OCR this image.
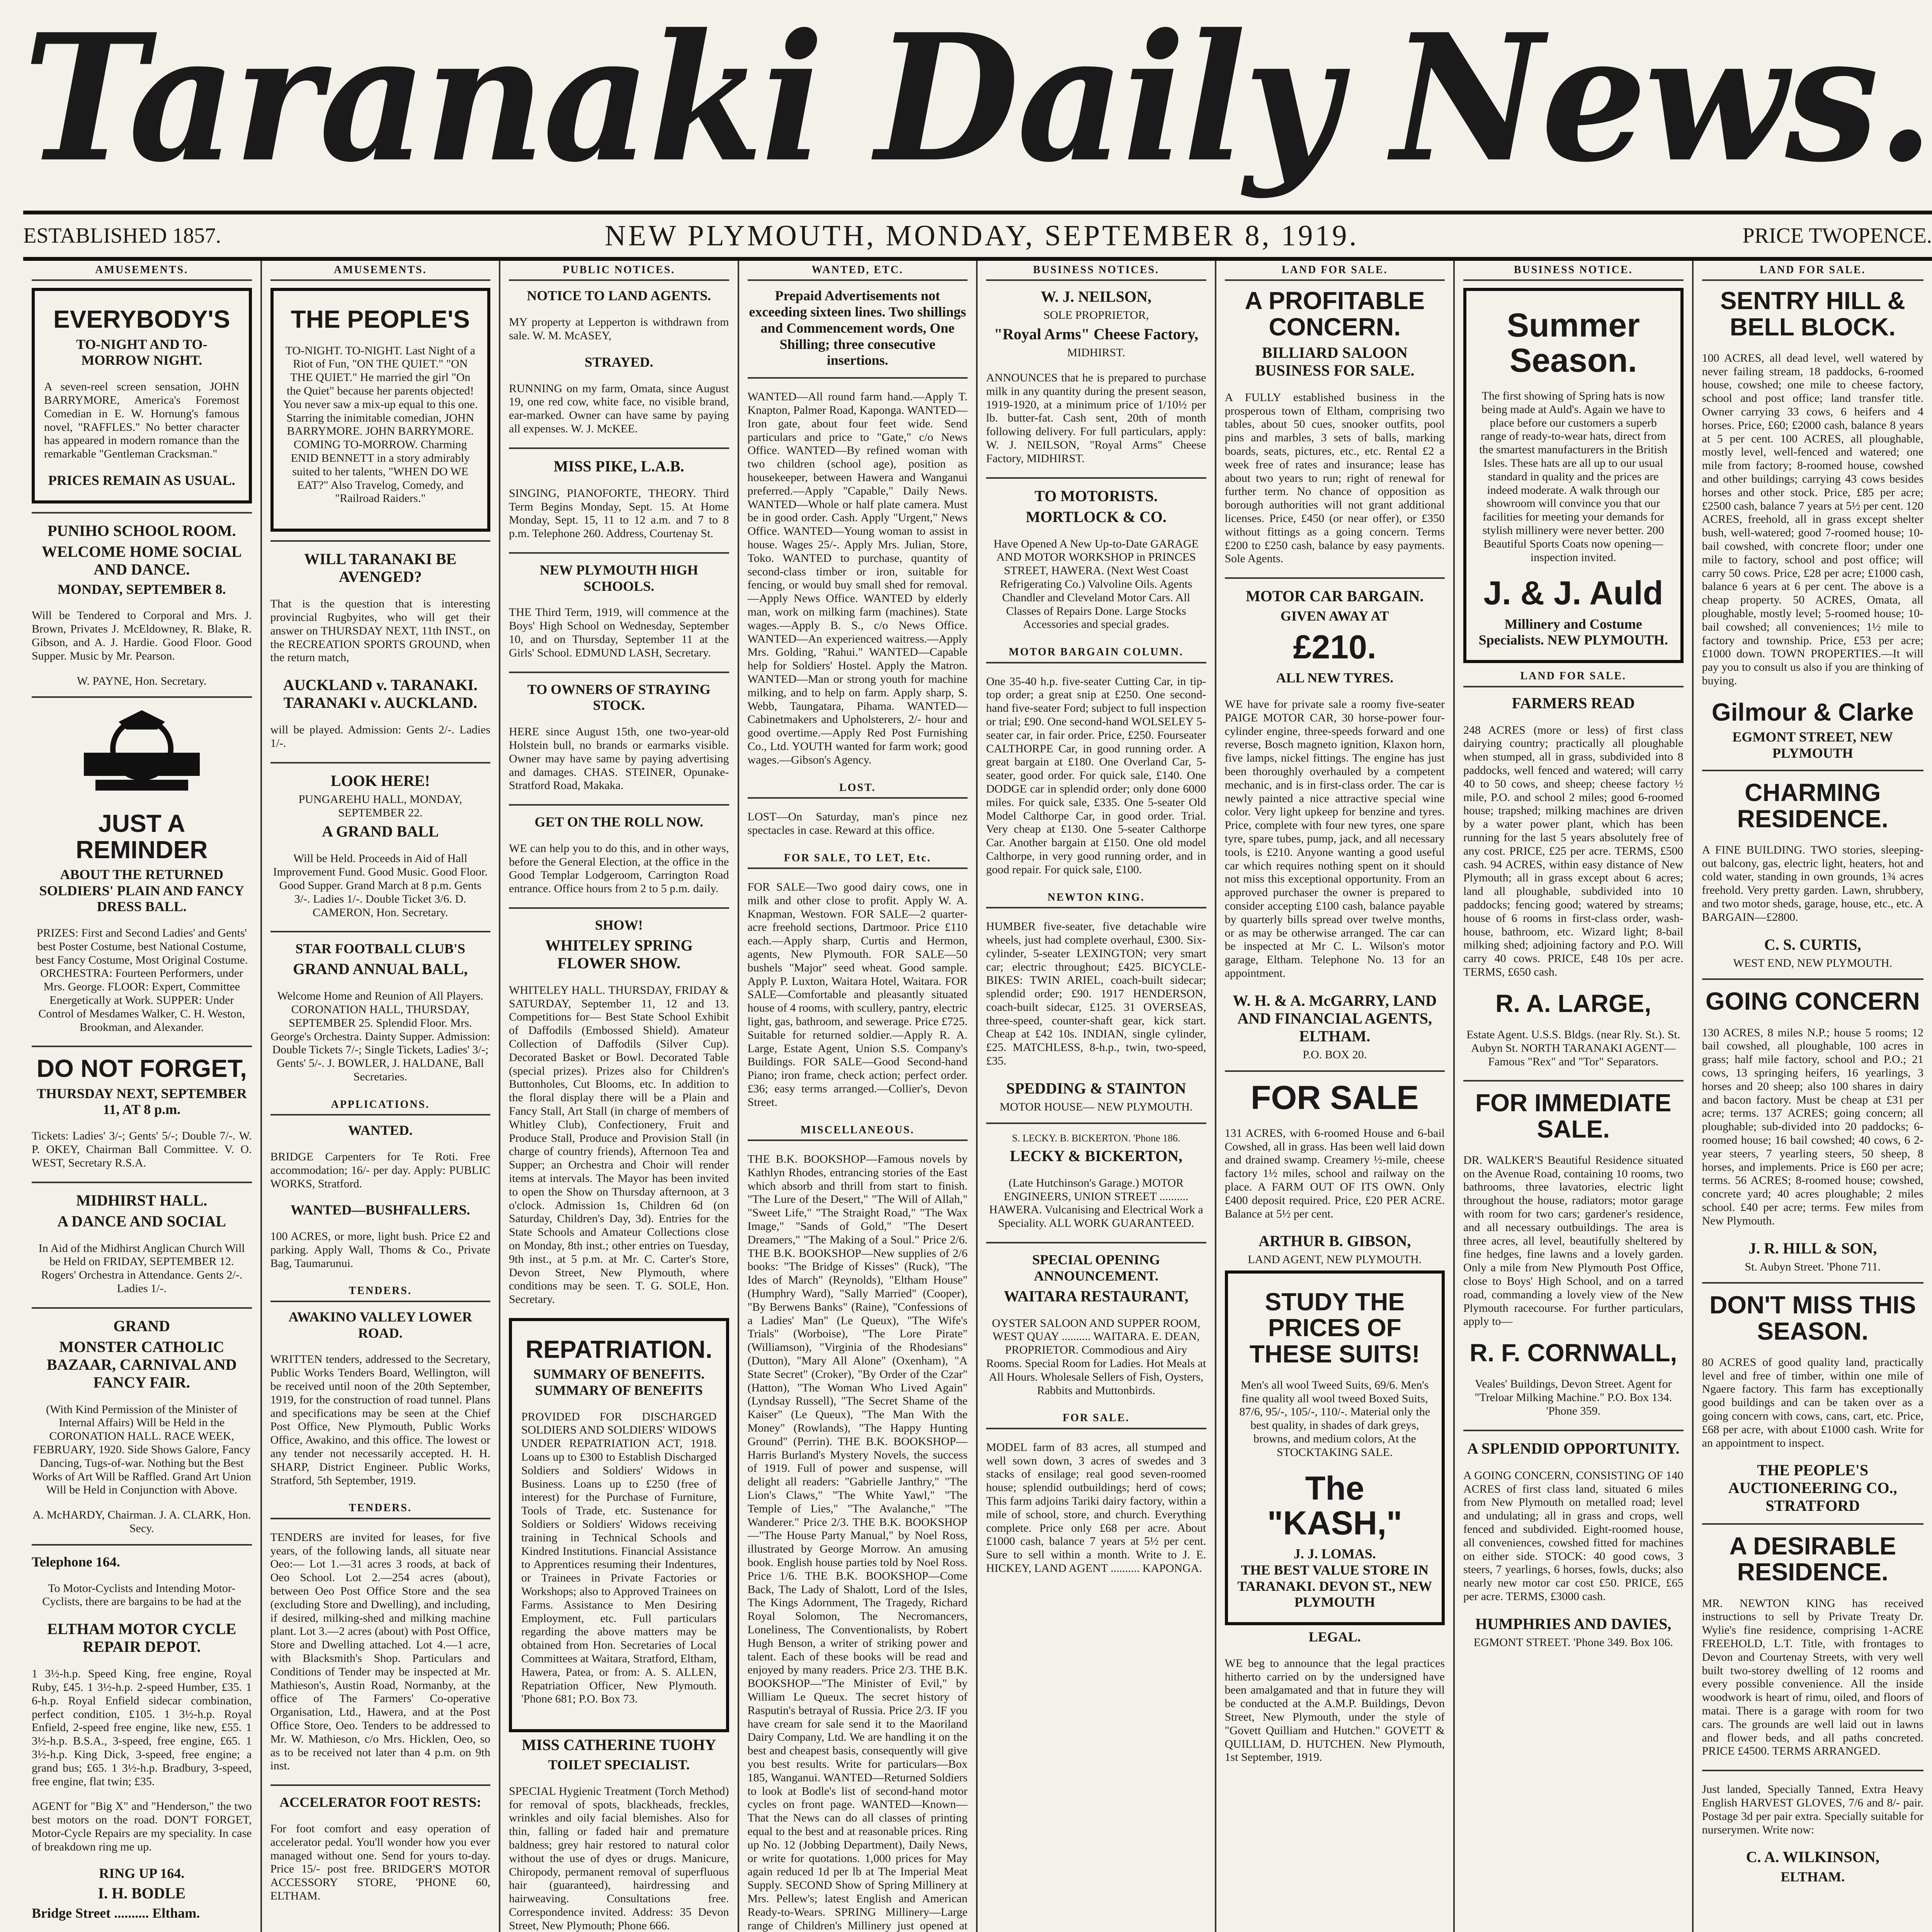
Taranaki Daily News.
ESTABLISHED 1857.	NEW PLYMOUTH, MONDAY, SEPTEMBER 8, 1919.	PRICE TWOPENCE.
AMUSEMENTS.
EVERYBODY'S
TO-NIGHT AND TO-MORROW NIGHT.

A seven-reel screen sensation, JOHN BARRYMORE, America's Foremost Comedian in E. W. Hornung's famous novel, "RAFFLES." No better character has appeared in modern romance than the remarkable "Gentleman Cracksman."

PRICES REMAIN AS USUAL.
PUNIHO SCHOOL ROOM.
WELCOME HOME SOCIAL AND DANCE.
MONDAY, SEPTEMBER 8.

Will be Tendered to Corporal and Mrs. J. Brown, Privates J. McEldowney, R. Blake, R. Gibson, and A. J. Hardie. Good Floor. Good Supper. Music by Mr. Pearson.

W. PAYNE, Hon. Secretary.
JUST A REMINDER
ABOUT THE RETURNED SOLDIERS' PLAIN AND FANCY DRESS BALL.

PRIZES: First and Second Ladies' and Gents' best Poster Costume, best National Costume, best Fancy Costume, Most Original Costume. ORCHESTRA: Fourteen Performers, under Mrs. George. FLOOR: Expert, Committee Energetically at Work. SUPPER: Under Control of Mesdames Walker, C. H. Weston, Brookman, and Alexander.

DO NOT FORGET,
THURSDAY NEXT, SEPTEMBER 11, AT 8 p.m.

Tickets: Ladies' 3/-; Gents' 5/-; Double 7/-. W. P. OKEY, Chairman Ball Committee. V. O. WEST, Secretary R.S.A.

MIDHIRST HALL.
A DANCE AND SOCIAL

In Aid of the Midhirst Anglican Church Will be Held on FRIDAY, SEPTEMBER 12. Rogers' Orchestra in Attendance. Gents 2/-. Ladies 1/-.

GRAND
MONSTER CATHOLIC BAZAAR, CARNIVAL AND FANCY FAIR.

(With Kind Permission of the Minister of Internal Affairs) Will be Held in the CORONATION HALL. RACE WEEK, FEBRUARY, 1920. Side Shows Galore, Fancy Dancing, Tugs-of-war. Nothing but the Best Works of Art Will be Raffled. Grand Art Union Will be Held in Conjunction with Above.

A. McHARDY, Chairman. J. A. CLARK, Hon. Secy.
Telephone 164.

To Motor-Cyclists and Intending Motor-Cyclists, there are bargains to be had at the

ELTHAM MOTOR CYCLE REPAIR DEPOT.

1 3½-h.p. Speed King, free engine, Royal Ruby, £45. 1 3½-h.p. 2-speed Humber, £35. 1 6-h.p. Royal Enfield sidecar combination, perfect condition, £105. 1 3½-h.p. Royal Enfield, 2-speed free engine, like new, £55. 1 3½-h.p. B.S.A., 3-speed, free engine, £65. 1 3½-h.p. King Dick, 3-speed, free engine; a grand bus; £65. 1 3½-h.p. Bradbury, 3-speed, free engine, flat twin; £35.

AGENT for "Big X" and "Henderson," the two best motors on the road. DON'T FORGET, Motor-Cycle Repairs are my speciality. In case of breakdown ring me up.

RING UP 164.
I. H. BODLE
Bridge Street .......... Eltham.
AMUSEMENTS.
THE PEOPLE'S

TO-NIGHT. TO-NIGHT. Last Night of a Riot of Fun, "ON THE QUIET." "ON THE QUIET." He married the girl "On the Quiet" because her parents objected! You never saw a mix-up equal to this one. Starring the inimitable comedian, JOHN BARRYMORE. JOHN BARRYMORE. COMING TO-MORROW. Charming ENID BENNETT in a story admirably suited to her talents, "WHEN DO WE EAT?" Also Travelog, Comedy, and "Railroad Raiders."

WILL TARANAKI BE AVENGED?

That is the question that is interesting provincial Rugbyites, who will get their answer on THURSDAY NEXT, 11th INST., on the RECREATION SPORTS GROUND, when the return match,

AUCKLAND v. TARANAKI. TARANAKI v. AUCKLAND.

will be played. Admission: Gents 2/-. Ladies 1/-.

LOOK HERE!
PUNGAREHU HALL, MONDAY, SEPTEMBER 22.
A GRAND BALL

Will be Held. Proceeds in Aid of Hall Improvement Fund. Good Music. Good Floor. Good Supper. Grand March at 8 p.m. Gents 3/-. Ladies 1/-. Double Ticket 3/6. D. CAMERON, Hon. Secretary.

STAR FOOTBALL CLUB'S
GRAND ANNUAL BALL,

Welcome Home and Reunion of All Players. CORONATION HALL, THURSDAY, SEPTEMBER 25. Splendid Floor. Mrs. George's Orchestra. Dainty Supper. Admission: Double Tickets 7/-; Single Tickets, Ladies' 3/-; Gents' 5/-. J. BOWLER, J. HALDANE, Ball Secretaries.

APPLICATIONS.
WANTED.

BRIDGE Carpenters for Te Roti. Free accommodation; 16/- per day. Apply: PUBLIC WORKS, Stratford.

WANTED—BUSHFALLERS.

100 ACRES, or more, light bush. Price £2 and parking. Apply Wall, Thoms & Co., Private Bag, Taumarunui.

TENDERS.
AWAKINO VALLEY LOWER ROAD.

WRITTEN tenders, addressed to the Secretary, Public Works Tenders Board, Wellington, will be received until noon of the 20th September, 1919, for the construction of road tunnel. Plans and specifications may be seen at the Chief Post Office, New Plymouth, Public Works Office, Awakino, and this office. The lowest or any tender not necessarily accepted. H. H. SHARP, District Engineer. Public Works, Stratford, 5th September, 1919.

TENDERS.

TENDERS are invited for leases, for five years, of the following lands, all situate near Oeo:— Lot 1.—31 acres 3 roods, at back of Oeo School. Lot 2.—254 acres (about), between Oeo Post Office Store and the sea (excluding Store and Dwelling), and including, if desired, milking-shed and milking machine plant. Lot 3.—2 acres (about) with Post Office, Store and Dwelling attached. Lot 4.—1 acre, with Blacksmith's Shop. Particulars and Conditions of Tender may be inspected at Mr. Mathieson's, Austin Road, Normanby, at the office of The Farmers' Co-operative Organisation, Ltd., Hawera, and at the Post Office Store, Oeo. Tenders to be addressed to Mr. W. Mathieson, c/o Mrs. Hicklen, Oeo, so as to be received not later than 4 p.m. on 9th inst.

ACCELERATOR FOOT RESTS:

For foot comfort and easy operation of accelerator pedal. You'll wonder how you ever managed without one. Send for yours to-day. Price 15/- post free. BRIDGER'S MOTOR ACCESSORY STORE, 'PHONE 60, ELTHAM.

PUBLIC NOTICES.
NOTICE TO LAND AGENTS.

MY property at Lepperton is withdrawn from sale. W. M. McASEY,

STRAYED.

RUNNING on my farm, Omata, since August 19, one red cow, white face, no visible brand, ear-marked. Owner can have same by paying all expenses. W. J. McKEE.

MISS PIKE, L.A.B.

SINGING, PIANOFORTE, THEORY. Third Term Begins Monday, Sept. 15. At Home Monday, Sept. 15, 11 to 12 a.m. and 7 to 8 p.m. Telephone 260. Address, Courtenay St.

NEW PLYMOUTH HIGH SCHOOLS.

THE Third Term, 1919, will commence at the Boys' High School on Wednesday, September 10, and on Thursday, September 11 at the Girls' School. EDMUND LASH, Secretary.

TO OWNERS OF STRAYING STOCK.

HERE since August 15th, one two-year-old Holstein bull, no brands or earmarks visible. Owner may have same by paying advertising and damages. CHAS. STEINER, Opunake-Stratford Road, Makaka.

GET ON THE ROLL NOW.

WE can help you to do this, and in other ways, before the General Election, at the office in the Good Templar Lodgeroom, Carrington Road entrance. Office hours from 2 to 5 p.m. daily.

SHOW!
WHITELEY SPRING FLOWER SHOW.

WHITELEY HALL. THURSDAY, FRIDAY & SATURDAY, September 11, 12 and 13. Competitions for— Best State School Exhibit of Daffodils (Embossed Shield). Amateur Collection of Daffodils (Silver Cup). Decorated Basket or Bowl. Decorated Table (special prizes). Prizes also for Children's Buttonholes, Cut Blooms, etc. In addition to the floral display there will be a Plain and Fancy Stall, Art Stall (in charge of members of Whitley Club), Confectionery, Fruit and Produce Stall, Produce and Provision Stall (in charge of country friends), Afternoon Tea and Supper; an Orchestra and Choir will render items at intervals. The Mayor has been invited to open the Show on Thursday afternoon, at 3 o'clock. Admission 1s, Children 6d (on Saturday, Children's Day, 3d). Entries for the State Schools and Amateur Collections close on Monday, 8th inst.; other entries on Tuesday, 9th inst., at 5 p.m. at Mr. C. Carter's Store, Devon Street, New Plymouth, where conditions may be seen. T. G. SOLE, Hon. Secretary.

REPATRIATION.
SUMMARY OF BENEFITS. SUMMARY OF BENEFITS

PROVIDED FOR DISCHARGED SOLDIERS AND SOLDIERS' WIDOWS UNDER REPATRIATION ACT, 1918. Loans up to £300 to Establish Discharged Soldiers and Soldiers' Widows in Business. Loans up to £250 (free of interest) for the Purchase of Furniture, Tools of Trade, etc. Sustenance for Soldiers or Soldiers' Widows receiving training in Technical Schools and Kindred Institutions. Financial Assistance to Apprentices resuming their Indentures, or Trainees in Private Factories or Workshops; also to Approved Trainees on Farms. Assistance to Men Desiring Employment, etc. Full particulars regarding the above matters may be obtained from Hon. Secretaries of Local Committees at Waitara, Stratford, Eltham, Hawera, Patea, or from: A. S. ALLEN, Repatriation Officer, New Plymouth. 'Phone 681; P.O. Box 73.

MISS CATHERINE TUOHY
TOILET SPECIALIST.

SPECIAL Hygienic Treatment (Torch Method) for removal of spots, blackheads, freckles, wrinkles and oily facial blemishes. Also for thin, falling or faded hair and premature baldness; grey hair restored to natural color without the use of dyes or drugs. Manicure, Chiropody, permanent removal of superfluous hair (guaranteed), hairdressing and hairweaving. Consultations free. Correspondence invited. Address: 35 Devon Street, New Plymouth; Phone 666.

WANTED, ETC.
Prepaid Advertisements not exceeding sixteen lines. Two shillings and Commencement words, One Shilling; three consecutive insertions.

WANTED—All round farm hand.—Apply T. Knapton, Palmer Road, Kaponga. WANTED—Iron gate, about four feet wide. Send particulars and price to "Gate," c/o News Office. WANTED—By refined woman with two children (school age), position as housekeeper, between Hawera and Wanganui preferred.—Apply "Capable," Daily News. WANTED—Whole or half plate camera. Must be in good order. Cash. Apply "Urgent," News Office. WANTED—Young woman to assist in house. Wages 25/-. Apply Mrs. Julian, Store, Toko. WANTED to purchase, quantity of second-class timber or iron, suitable for fencing, or would buy small shed for removal.—Apply News Office. WANTED by elderly man, work on milking farm (machines). State wages.—Apply B. S., c/o News Office. WANTED—An experienced waitress.—Apply Mrs. Golding, "Rahui." WANTED—Capable help for Soldiers' Hostel. Apply the Matron. WANTED—Man or strong youth for machine milking, and to help on farm. Apply sharp, S. Webb, Taungatara, Pihama. WANTED—Cabinetmakers and Upholsterers, 2/- hour and good overtime.—Apply Red Post Furnishing Co., Ltd. YOUTH wanted for farm work; good wages.—Gibson's Agency.

LOST.

LOST—On Saturday, man's pince nez spectacles in case. Reward at this office.

FOR SALE, TO LET, Etc.

FOR SALE—Two good dairy cows, one in milk and other close to profit. Apply W. A. Knapman, Westown. FOR SALE—2 quarter-acre freehold sections, Dartmoor. Price £110 each.—Apply sharp, Curtis and Hermon, agents, New Plymouth. FOR SALE—50 bushels "Major" seed wheat. Good sample. Apply P. Luxton, Waitara Hotel, Waitara. FOR SALE—Comfortable and pleasantly situated house of 4 rooms, with scullery, pantry, electric light, gas, bathroom, and sewerage. Price £725. Suitable for returned soldier.—Apply R. A. Large, Estate Agent, Union S.S. Company's Buildings. FOR SALE—Good Second-hand Piano; iron frame, check action; perfect order. £36; easy terms arranged.—Collier's, Devon Street.

MISCELLANEOUS.

THE B.K. BOOKSHOP—Famous novels by Kathlyn Rhodes, entrancing stories of the East which absorb and thrill from start to finish. "The Lure of the Desert," "The Will of Allah," "Sweet Life," "The Straight Road," "The Wax Image," "Sands of Gold," "The Desert Dreamers," "The Making of a Soul." Price 2/6. THE B.K. BOOKSHOP—New supplies of 2/6 books: "The Bridge of Kisses" (Ruck), "The Ides of March" (Reynolds), "Eltham House" (Humphry Ward), "Sally Married" (Cooper), "By Berwens Banks" (Raine), "Confessions of a Ladies' Man" (Le Queux), "The Wife's Trials" (Worboise), "The Lore Pirate" (Williamson), "Virginia of the Rhodesians" (Dutton), "Mary All Alone" (Oxenham), "A State Secret" (Croker), "By Order of the Czar" (Hatton), "The Woman Who Lived Again" (Lyndsay Russell), "The Secret Shame of the Kaiser" (Le Queux), "The Man With the Money" (Rowlands), "The Happy Hunting Ground" (Perrin). THE B.K. BOOKSHOP—Harris Burland's Mystery Novels, the success of 1919. Full of power and suspense, will delight all readers: "Gabrielle Janthry," "The Lion's Claws," "The White Yawl," "The Temple of Lies," "The Avalanche," "The Wanderer." Price 2/3. THE B.K. BOOKSHOP—"The House Party Manual," by Noel Ross, illustrated by George Morrow. An amusing book. English house parties told by Noel Ross. Price 1/6. THE B.K. BOOKSHOP—Come Back, The Lady of Shalott, Lord of the Isles, The Kings Adornment, The Tragedy, Richard Royal Solomon, The Necromancers, Loneliness, The Conventionalists, by Robert Hugh Benson, a writer of striking power and talent. Each of these books will be read and enjoyed by many readers. Price 2/3. THE B.K. BOOKSHOP—"The Minister of Evil," by William Le Queux. The secret history of Rasputin's betrayal of Russia. Price 2/3. IF you have cream for sale send it to the Maoriland Dairy Company, Ltd. We are handling it on the best and cheapest basis, consequently will give you best results. Write for particulars—Box 185, Wanganui. WANTED—Returned Soldiers to look at Bodle's list of second-hand motor cycles on front page. WANTED—Known—That the News can do all classes of printing equal to the best and at reasonable prices. Ring up No. 12 (Jobbing Department), Daily News, or write for quotations. 1,000 prices for May again reduced 1d per lb at The Imperial Meat Supply. SECOND Show of Spring Millinery at Mrs. Pellew's; latest English and American Ready-to-Wears. SPRING Millinery—Large range of Children's Millinery just opened at

BUSINESS NOTICES.
W. J. NEILSON,
SOLE PROPRIETOR,
"Royal Arms" Cheese Factory,
MIDHIRST.

ANNOUNCES that he is prepared to purchase milk in any quantity during the present season, 1919-1920, at a minimum price of 1/10½ per lb. butter-fat. Cash sent, 20th of month following delivery. For full particulars, apply: W. J. NEILSON, "Royal Arms" Cheese Factory, MIDHIRST.

TO MOTORISTS.
MORTLOCK & CO.

Have Opened A New Up-to-Date GARAGE AND MOTOR WORKSHOP in PRINCES STREET, HAWERA. (Next West Coast Refrigerating Co.) Valvoline Oils. Agents Chandler and Cleveland Motor Cars. All Classes of Repairs Done. Large Stocks Accessories and special grades.

MOTOR BARGAIN COLUMN.

One 35-40 h.p. five-seater Cutting Car, in tip-top order; a great snip at £250. One second-hand five-seater Ford; subject to full inspection or trial; £90. One second-hand WOLSELEY 5-seater car, in fair order. Price, £250. Fourseater CALTHORPE Car, in good running order. A great bargain at £180. One Overland Car, 5-seater, good order. For quick sale, £140. One DODGE car in splendid order; only done 6000 miles. For quick sale, £335. One 5-seater Old Model Calthorpe Car, in good order. Trial. Very cheap at £130. One 5-seater Calthorpe Car. Another bargain at £150. One old model Calthorpe, in very good running order, and in good repair. For quick sale, £100.

NEWTON KING.

HUMBER five-seater, five detachable wire wheels, just had complete overhaul, £300. Six-cylinder, 5-seater LEXINGTON; very smart car; electric throughout; £425. BICYCLE-BIKES: TWIN ARIEL, coach-built sidecar; splendid order; £90. 1917 HENDERSON, coach-built sidecar, £125. 31 OVERSEAS, three-speed, counter-shaft gear, kick start. Cheap at £42 10s. INDIAN, single cylinder, £25. MATCHLESS, 8-h.p., twin, two-speed, £35.

SPEDDING & STAINTON
MOTOR HOUSE— NEW PLYMOUTH.
S. LECKY. B. BICKERTON. 'Phone 186.
LECKY & BICKERTON,

(Late Hutchinson's Garage.) MOTOR ENGINEERS, UNION STREET .......... HAWERA. Vulcanising and Electrical Work a Speciality. ALL WORK GUARANTEED.

SPECIAL OPENING ANNOUNCEMENT.
WAITARA RESTAURANT,

OYSTER SALOON AND SUPPER ROOM, WEST QUAY .......... WAITARA. E. DEAN, PROPRIETOR. Commodious and Airy Rooms. Special Room for Ladies. Hot Meals at All Hours. Wholesale Sellers of Fish, Oysters, Rabbits and Muttonbirds.

FOR SALE.

MODEL farm of 83 acres, all stumped and well sown down, 3 acres of swedes and 3 stacks of ensilage; real good seven-roomed house; splendid outbuildings; herd of cows; This farm adjoins Tariki dairy factory, within a mile of school, store, and church. Everything complete. Price only £68 per acre. About £1000 cash, balance 7 years at 5½ per cent. Sure to sell within a month. Write to J. E. HICKEY, LAND AGENT .......... KAPONGA.

LAND FOR SALE.
A PROFITABLE CONCERN.
BILLIARD SALOON BUSINESS FOR SALE.

A FULLY established business in the prosperous town of Eltham, comprising two tables, about 50 cues, snooker outfits, pool pins and marbles, 3 sets of balls, marking boards, seats, pictures, etc., etc. Rental £2 a week free of rates and insurance; lease has about two years to run; right of renewal for further term. No chance of opposition as borough authorities will not grant additional licenses. Price, £450 (or near offer), or £350 without fittings as a going concern. Terms £200 to £250 cash, balance by easy payments. Sole Agents.

MOTOR CAR BARGAIN.
GIVEN AWAY AT
£210.
ALL NEW TYRES.

WE have for private sale a roomy five-seater PAIGE MOTOR CAR, 30 horse-power four-cylinder engine, three-speeds forward and one reverse, Bosch magneto ignition, Klaxon horn, five lamps, nickel fittings. The engine has just been thoroughly overhauled by a competent mechanic, and is in first-class order. The car is newly painted a nice attractive special wine color. Very light upkeep for benzine and tyres. Price, complete with four new tyres, one spare tyre, spare tubes, pump, jack, and all necessary tools, is £210. Anyone wanting a good useful car which requires nothing spent on it should not miss this exceptional opportunity. From an approved purchaser the owner is prepared to consider accepting £100 cash, balance payable by quarterly bills spread over twelve months, or as may be otherwise arranged. The car can be inspected at Mr C. L. Wilson's motor garage, Eltham. Telephone No. 13 for an appointment.

W. H. & A. McGARRY, LAND AND FINANCIAL AGENTS, ELTHAM.
P.O. BOX 20.
FOR SALE

131 ACRES, with 6-roomed House and 6-bail Cowshed, all in grass. Has been well laid down and drained swamp. Creamery ½-mile, cheese factory 1½ miles, school and railway on the place. A FARM OUT OF ITS OWN. Only £400 deposit required. Price, £20 PER ACRE. Balance at 5½ per cent.

ARTHUR B. GIBSON,
LAND AGENT, NEW PLYMOUTH.
STUDY THE PRICES OF THESE SUITS!

Men's all wool Tweed Suits, 69/6. Men's fine quality all wool tweed Boxed Suits, 87/6, 95/-, 105/-, 110/-. Material only the best quality, in shades of dark greys, browns, and medium colors, At the STOCKTAKING SALE.

The "KASH,"
J. J. LOMAS.
THE BEST VALUE STORE IN TARANAKI. DEVON ST., NEW PLYMOUTH
LEGAL.

WE beg to announce that the legal practices hitherto carried on by the undersigned have been amalgamated and that in future they will be conducted at the A.M.P. Buildings, Devon Street, New Plymouth, under the style of "Govett Quilliam and Hutchen." GOVETT & QUILLIAM, D. HUTCHEN. New Plymouth, 1st September, 1919.

BUSINESS NOTICE.
Summer Season.

The first showing of Spring hats is now being made at Auld's. Again we have to place before our customers a superb range of ready-to-wear hats, direct from the smartest manufacturers in the British Isles. These hats are all up to our usual standard in quality and the prices are indeed moderate. A walk through our showroom will convince you that our facilities for meeting your demands for stylish millinery were never better. 200 Beautiful Sports Coats now opening—inspection invited.

J. & J. Auld
Millinery and Costume Specialists. NEW PLYMOUTH.
LAND FOR SALE.
FARMERS READ

248 ACRES (more or less) of first class dairying country; practically all ploughable when stumped, all in grass, subdivided into 8 paddocks, well fenced and watered; will carry 40 to 50 cows, and sheep; cheese factory ½ mile, P.O. and school 2 miles; good 6-roomed house; trapshed; milking machines are driven by a water power plant, which has been running for the last 5 years absolutely free of any cost. PRICE, £25 per acre. TERMS, £500 cash. 94 ACRES, within easy distance of New Plymouth; all in grass except about 6 acres; land all ploughable, subdivided into 10 paddocks; fencing good; watered by streams; house of 6 rooms in first-class order, wash-house, bathroom, etc. Wizard light; 8-bail milking shed; adjoining factory and P.O. Will carry 40 cows. PRICE, £48 10s per acre. TERMS, £650 cash.

R. A. LARGE,

Estate Agent. U.S.S. Bldgs. (near Rly. St.). St. Aubyn St. NORTH TARANAKI AGENT— Famous "Rex" and "Tor" Separators.

FOR IMMEDIATE SALE.

DR. WALKER'S Beautiful Residence situated on the Avenue Road, containing 10 rooms, two bathrooms, three lavatories, electric light throughout the house, radiators; motor garage with room for two cars; gardener's residence, and all necessary outbuildings. The area is three acres, all level, beautifully sheltered by fine hedges, fine lawns and a lovely garden. Only a mile from New Plymouth Post Office, close to Boys' High School, and on a tarred road, commanding a lovely view of the New Plymouth racecourse. For further particulars, apply to—

R. F. CORNWALL,

Veales' Buildings, Devon Street. Agent for "Treloar Milking Machine." P.O. Box 134. 'Phone 359.

A SPLENDID OPPORTUNITY.

A GOING CONCERN, CONSISTING OF 140 ACRES of first class land, situated 6 miles from New Plymouth on metalled road; level and undulating; all in grass and crops, well fenced and subdivided. Eight-roomed house, all conveniences, cowshed fitted for machines on either side. STOCK: 40 good cows, 3 steers, 7 yearlings, 6 horses, fowls, ducks; also nearly new motor car cost £50. PRICE, £65 per acre. TERMS, £3000 cash.

HUMPHRIES AND DAVIES,
EGMONT STREET. 'Phone 349. Box 106.
LAND FOR SALE.
SENTRY HILL & BELL BLOCK.

100 ACRES, all dead level, well watered by never failing stream, 18 paddocks, 6-roomed house, cowshed; one mile to cheese factory, school and post office; land transfer title. Owner carrying 33 cows, 6 heifers and 4 horses. Price, £60; £2000 cash, balance 8 years at 5 per cent. 100 ACRES, all ploughable, mostly level, well-fenced and watered; one mile from factory; 8-roomed house, cowshed and other buildings; carrying 43 cows besides horses and other stock. Price, £85 per acre; £2500 cash, balance 7 years at 5½ per cent. 120 ACRES, freehold, all in grass except shelter bush, well-watered; good 7-roomed house; 10-bail cowshed, with concrete floor; under one mile to factory, school and post office; will carry 50 cows. Price, £28 per acre; £1000 cash, balance 6 years at 6 per cent. The above is a cheap property. 50 ACRES, Omata, all ploughable, mostly level; 5-roomed house; 10-bail cowshed; all conveniences; 1½ mile to factory and township. Price, £53 per acre; £1000 down. TOWN PROPERTIES.—It will pay you to consult us also if you are thinking of buying.

Gilmour & Clarke
EGMONT STREET, NEW PLYMOUTH
CHARMING RESIDENCE.

A FINE BUILDING. TWO stories, sleeping-out balcony, gas, electric light, heaters, hot and cold water, standing in own grounds, 1¾ acres freehold. Very pretty garden. Lawn, shrubbery, and two motor sheds, garage, house, etc., etc. A BARGAIN—£2800.

C. S. CURTIS,
WEST END, NEW PLYMOUTH.
GOING CONCERN

130 ACRES, 8 miles N.P.; house 5 rooms; 12 bail cowshed, all ploughable, 100 acres in grass; half mile factory, school and P.O.; 21 cows, 13 springing heifers, 16 yearlings, 3 horses and 20 sheep; also 100 shares in dairy and bacon factory. Must be cheap at £31 per acre; terms. 137 ACRES; going concern; all ploughable; sub-divided into 20 paddocks; 6-roomed house; 16 bail cowshed; 40 cows, 6 2-year steers, 7 yearling steers, 50 sheep, 8 horses, and implements. Price is £60 per acre; terms. 56 ACRES; 8-roomed house; cowshed, concrete yard; 40 acres ploughable; 2 miles school. £40 per acre; terms. Few miles from New Plymouth.

J. R. HILL & SON,
St. Aubyn Street. 'Phone 711.
DON'T MISS THIS SEASON.

80 ACRES of good quality land, practically level and free of timber, within one mile of Ngaere factory. This farm has exceptionally good buildings and can be taken over as a going concern with cows, cans, cart, etc. Price, £68 per acre, with about £1000 cash. Write for an appointment to inspect.

THE PEOPLE'S AUCTIONEERING CO., STRATFORD
A DESIRABLE RESIDENCE.

MR. NEWTON KING has received instructions to sell by Private Treaty Dr. Wylie's fine residence, comprising 1-ACRE FREEHOLD, L.T. Title, with frontages to Devon and Courtenay Streets, with very well built two-storey dwelling of 12 rooms and every possible convenience. All the inside woodwork is heart of rimu, oiled, and floors of matai. There is a garage with room for two cars. The grounds are well laid out in lawns and flower beds, and all paths concreted. PRICE £4500. TERMS ARRANGED.

Just landed, Specially Tanned, Extra Heavy English HARVEST GLOVES, 7/6 and 8/- pair. Postage 3d per pair extra. Specially suitable for nurserymen. Write now:

C. A. WILKINSON,
ELTHAM.
